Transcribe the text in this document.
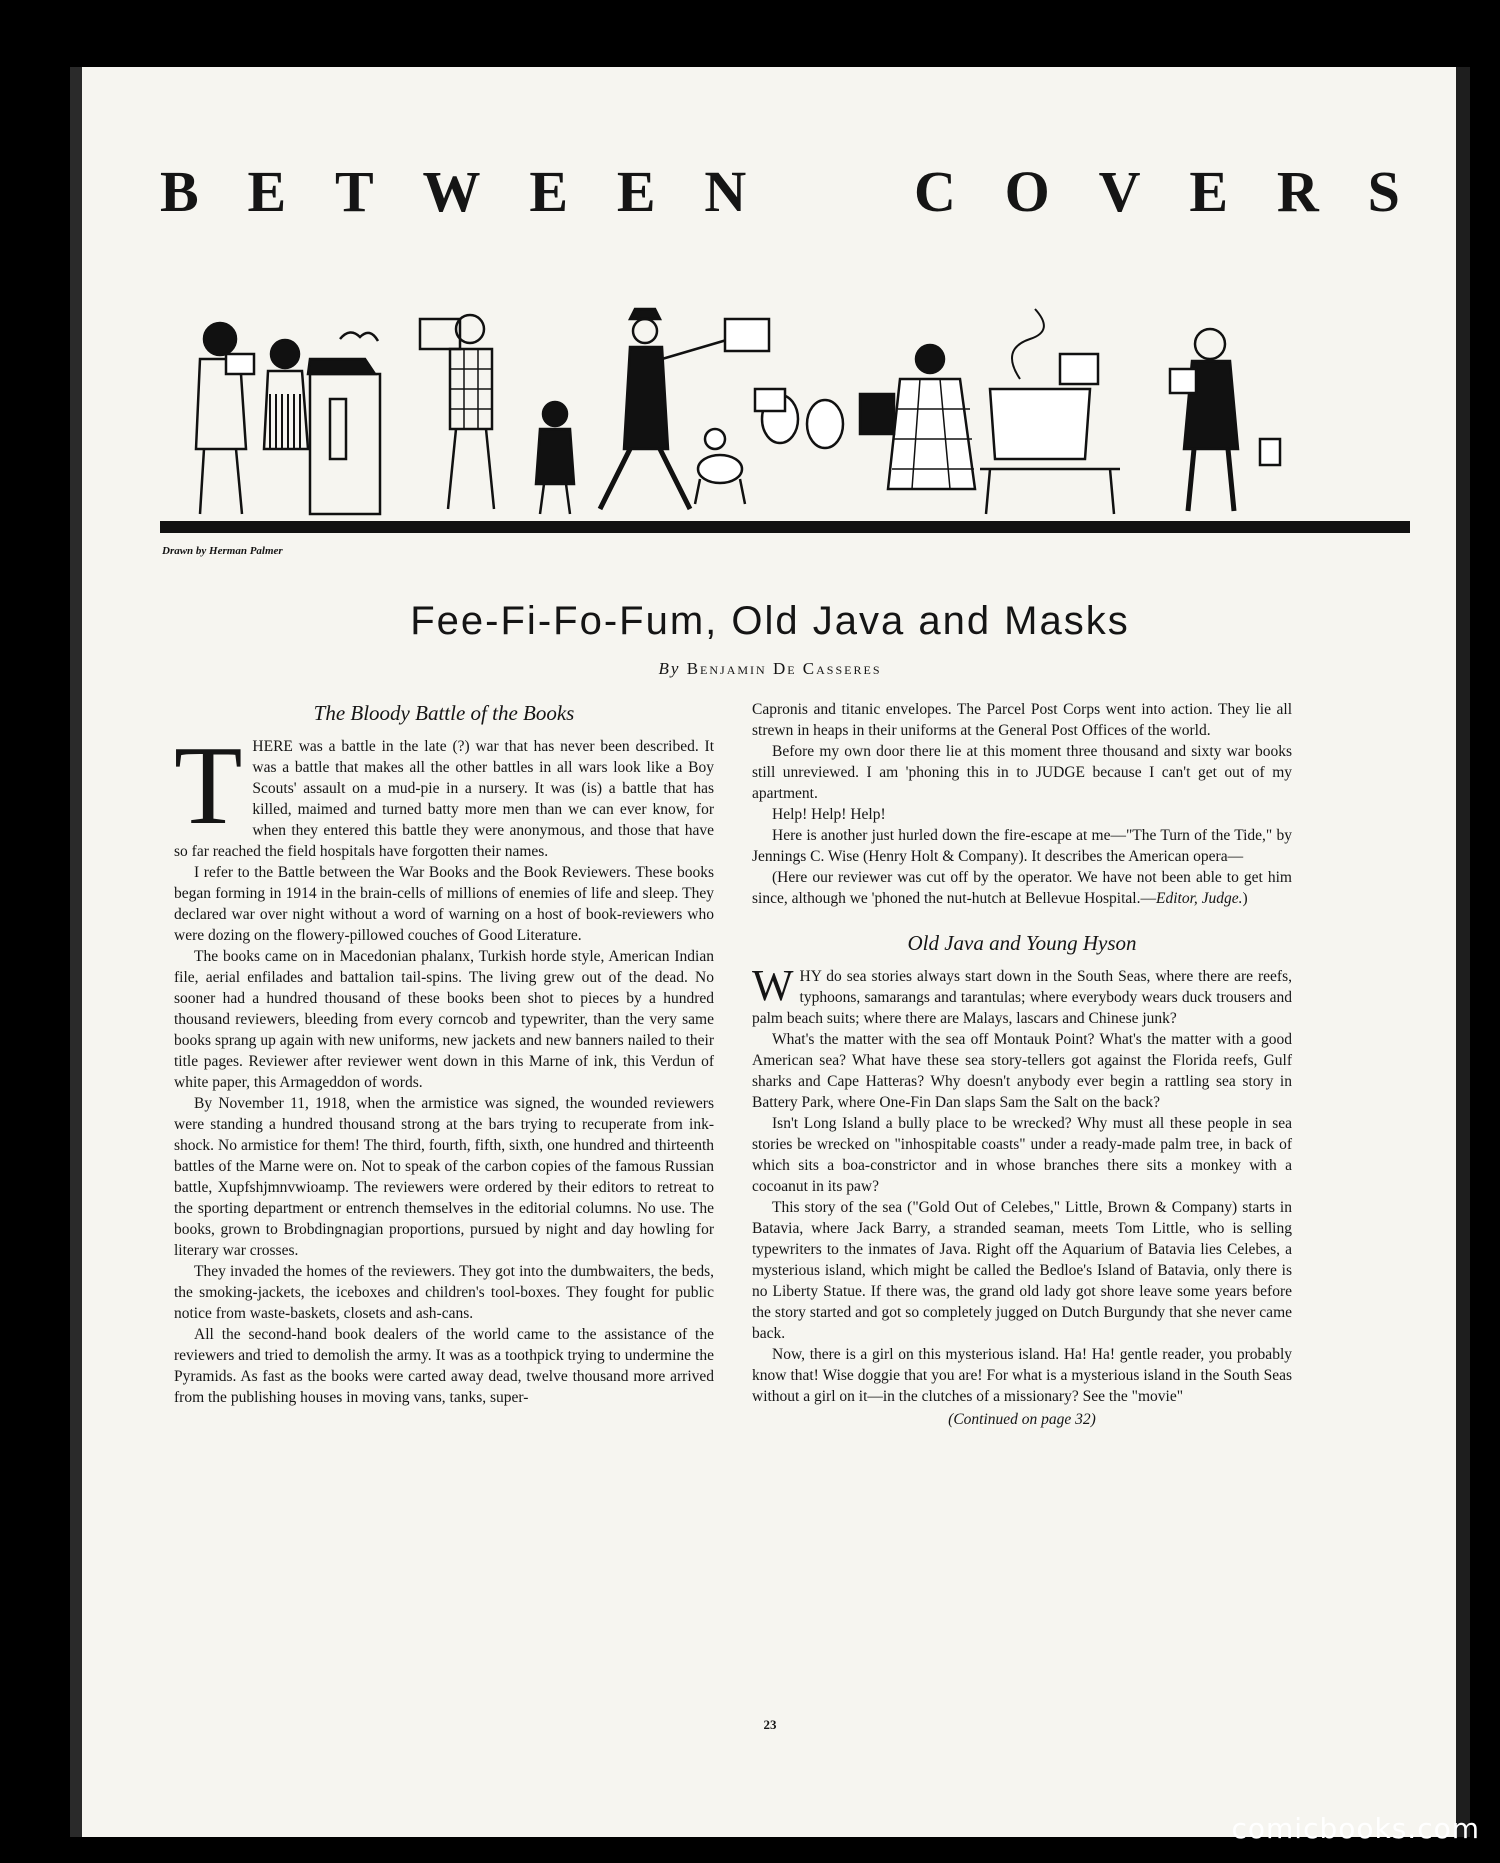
B E T W E E N	C O V E R S
Drawn by Herman Palmer
Fee-Fi-Fo-Fum, Old Java and Masks
By Benjamin De Casseres
The Bloody Battle of the Books

THERE was a battle in the late (?) war that has never been described. It was a battle that makes all the other battles in all wars look like a Boy Scouts' assault on a mud-pie in a nursery. It was (is) a battle that has killed, maimed and turned batty more men than we can ever know, for when they entered this battle they were anonymous, and those that have so far reached the field hospitals have forgotten their names.

I refer to the Battle between the War Books and the Book Reviewers. These books began forming in 1914 in the brain-cells of millions of enemies of life and sleep. They declared war over night without a word of warning on a host of book-reviewers who were dozing on the flowery-pillowed couches of Good Literature.

The books came on in Macedonian phalanx, Turkish horde style, American Indian file, aerial enfilades and battalion tail-spins. The living grew out of the dead. No sooner had a hundred thousand of these books been shot to pieces by a hundred thousand reviewers, bleeding from every corncob and typewriter, than the very same books sprang up again with new uniforms, new jackets and new banners nailed to their title pages. Reviewer after reviewer went down in this Marne of ink, this Verdun of white paper, this Armageddon of words.

By November 11, 1918, when the armistice was signed, the wounded reviewers were standing a hundred thousand strong at the bars trying to recuperate from ink-shock. No armistice for them! The third, fourth, fifth, sixth, one hundred and thirteenth battles of the Marne were on. Not to speak of the carbon copies of the famous Russian battle, Xupfshjmnvwioamp. The reviewers were ordered by their editors to retreat to the sporting department or entrench themselves in the editorial columns. No use. The books, grown to Brobdingnagian proportions, pursued by night and day howling for literary war crosses.

They invaded the homes of the reviewers. They got into the dumbwaiters, the beds, the smoking-jackets, the iceboxes and children's tool-boxes. They fought for public notice from waste-baskets, closets and ash-cans.

All the second-hand book dealers of the world came to the assistance of the reviewers and tried to demolish the army. It was as a toothpick trying to undermine the Pyramids. As fast as the books were carted away dead, twelve thousand more arrived from the publishing houses in moving vans, tanks, super-

Capronis and titanic envelopes. The Parcel Post Corps went into action. They lie all strewn in heaps in their uniforms at the General Post Offices of the world.

Before my own door there lie at this moment three thousand and sixty war books still unreviewed. I am 'phoning this in to JUDGE because I can't get out of my apartment.

Help! Help! Help!

Here is another just hurled down the fire-escape at me—"The Turn of the Tide," by Jennings C. Wise (Henry Holt & Company). It describes the American opera—

(Here our reviewer was cut off by the operator. We have not been able to get him since, although we 'phoned the nut-hutch at Bellevue Hospital.—Editor, Judge.)

Old Java and Young Hyson

WHY do sea stories always start down in the South Seas, where there are reefs, typhoons, samarangs and tarantulas; where everybody wears duck trousers and palm beach suits; where there are Malays, lascars and Chinese junk?

What's the matter with the sea off Montauk Point? What's the matter with a good American sea? What have these sea story-tellers got against the Florida reefs, Gulf sharks and Cape Hatteras? Why doesn't anybody ever begin a rattling sea story in Battery Park, where One-Fin Dan slaps Sam the Salt on the back?

Isn't Long Island a bully place to be wrecked? Why must all these people in sea stories be wrecked on "inhospitable coasts" under a ready-made palm tree, in back of which sits a boa-constrictor and in whose branches there sits a monkey with a cocoanut in its paw?

This story of the sea ("Gold Out of Celebes," Little, Brown & Company) starts in Batavia, where Jack Barry, a stranded seaman, meets Tom Little, who is selling typewriters to the inmates of Java. Right off the Aquarium of Batavia lies Celebes, a mysterious island, which might be called the Bedloe's Island of Batavia, only there is no Liberty Statue. If there was, the grand old lady got shore leave some years before the story started and got so completely jugged on Dutch Burgundy that she never came back.

Now, there is a girl on this mysterious island. Ha! Ha! gentle reader, you probably know that! Wise doggie that you are! For what is a mysterious island in the South Seas without a girl on it—in the clutches of a missionary? See the "movie"

(Continued on page 32)
23
comicbooks.com
